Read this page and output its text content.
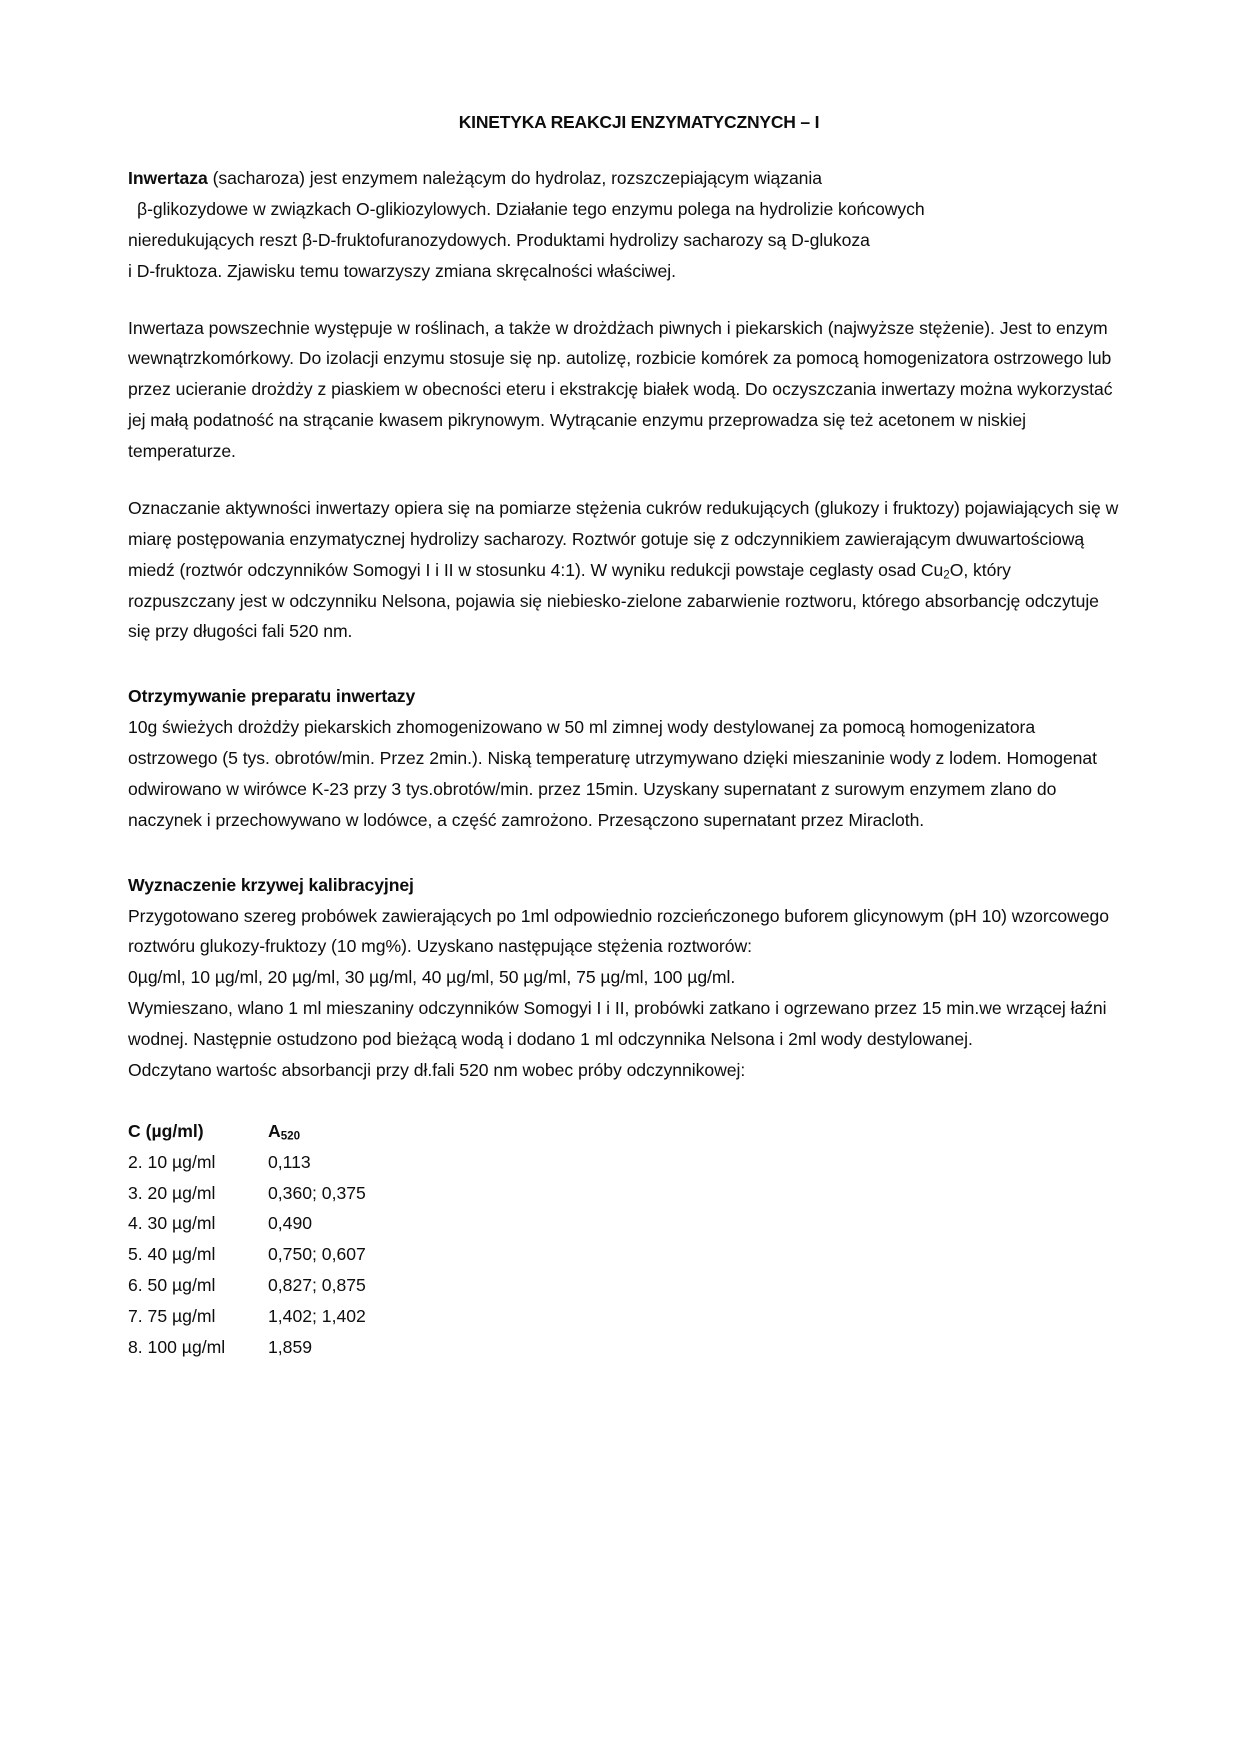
KINETYKA REAKCJI ENZYMATYCZNYCH – I

Inwertaza (sacharoza) jest enzymem należącym do hydrolaz, rozszczepiającym wiązania
β-glikozydowe w związkach O-glikiozylowych. Działanie tego enzymu polega na hydrolizie końcowych
nieredukujących reszt β-D-fruktofuranozydowych. Produktami hydrolizy sacharozy są D-glukoza
i D-fruktoza. Zjawisku temu towarzyszy zmiana skręcalności właściwej.

Inwertaza powszechnie występuje w roślinach, a także w drożdżach piwnych i piekarskich (najwyższe stężenie). Jest to enzym wewnątrzkomórkowy. Do izolacji enzymu stosuje się np. autolizę, rozbicie komórek za pomocą homogenizatora ostrzowego lub przez ucieranie drożdży z piaskiem w obecności eteru i ekstrakcję białek wodą. Do oczyszczania inwertazy można wykorzystać jej małą podatność na strącanie kwasem pikrynowym. Wytrącanie enzymu przeprowadza się też acetonem w niskiej temperaturze.

Oznaczanie aktywności inwertazy opiera się na pomiarze stężenia cukrów redukujących (glukozy i fruktozy) pojawiających się w miarę postępowania enzymatycznej hydrolizy sacharozy. Roztwór gotuje się z odczynnikiem zawierającym dwuwartościową miedź (roztwór odczynników Somogyi I i II w stosunku 4:1). W wyniku redukcji powstaje ceglasty osad $Cu_2O$, który rozpuszczany jest w odczynniku Nelsona, pojawia się niebiesko-zielone zabarwienie roztworu, którego absorbancję odczytuje się przy długości fali 520 nm.

Otrzymywanie preparatu inwertazy

10g świeżych drożdży piekarskich zhomogenizowano w 50 ml zimnej wody destylowanej za pomocą homogenizatora ostrzowego (5 tys. obrotów/min. Przez 2min.). Niską temperaturę utrzymywano dzięki mieszaninie wody z lodem. Homogenat odwirowano w wirówce K-23 przy 3 tys.obrotów/min. przez 15min. Uzyskany supernatant z surowym enzymem zlano do naczynek i przechowywano w lodówce, a część zamrożono. Przesączono supernatant przez Miracloth.

Wyznaczenie krzywej kalibracyjnej

Przygotowano szereg probówek zawierających po 1ml odpowiednio rozcieńczonego buforem glicynowym (pH 10) wzorcowego roztwóru glukozy-fruktozy (10 mg%). Uzyskano następujące stężenia roztworów:

0µg/ml, 10 µg/ml, 20 µg/ml, 30 µg/ml, 40 µg/ml, 50 µg/ml, 75 µg/ml, 100 µg/ml.

Wymieszano, wlano 1 ml mieszaniny odczynników Somogyi I i II, probówki zatkano i ogrzewano przez 15 min.we wrzącej łaźni wodnej. Następnie ostudzono pod bieżącą wodą i dodano 1 ml odczynnika Nelsona i 2ml wody destylowanej.

Odczytano wartośc absorbancji przy dł.fali 520 nm wobec próby odczynnikowej:

C (µg/ml)	$A_{520}$
2. 10 µg/ml	0,113
3. 20 µg/ml	0,360; 0,375
4. 30 µg/ml	0,490
5. 40 µg/ml	0,750; 0,607
6. 50 µg/ml	0,827; 0,875
7. 75 µg/ml	1,402; 1,402
8. 100 µg/ml	1,859
